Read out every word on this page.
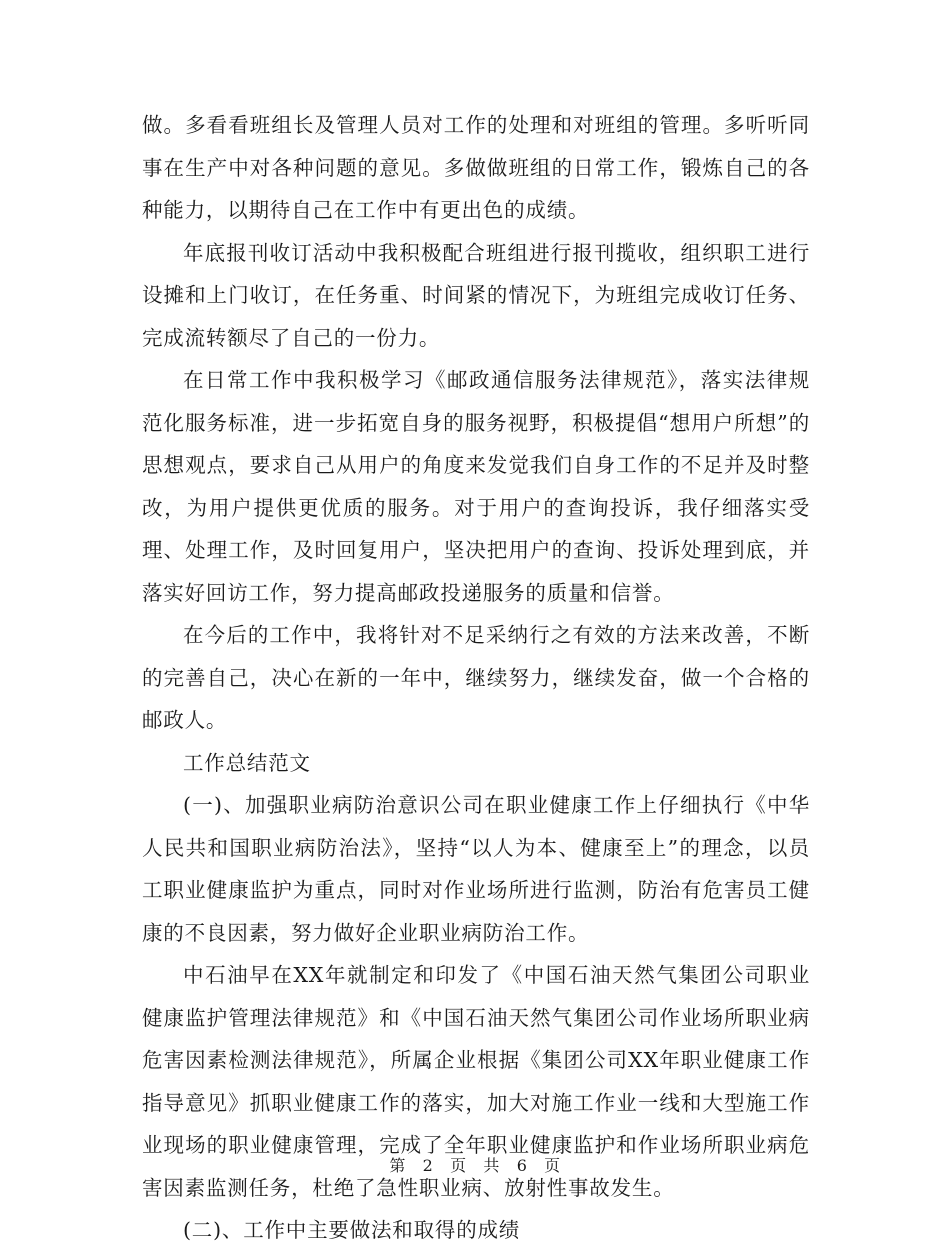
做。多看看班组长及管理人员对工作的处理和对班组的管理。多听听同事在生产中对各种问题的意见。多做做班组的日常工作，锻炼自己的各种能力，以期待自己在工作中有更出色的成绩。

年底报刊收订活动中我积极配合班组进行报刊揽收，组织职工进行设摊和上门收订，在任务重、时间紧的情况下，为班组完成收订任务、完成流转额尽了自己的一份力。

在日常工作中我积极学习《邮政通信服务法律规范》，落实法律规范化服务标准，进一步拓宽自身的服务视野，积极提倡“想用户所想”的思想观点，要求自己从用户的角度来发觉我们自身工作的不足并及时整改，为用户提供更优质的服务。对于用户的查询投诉，我仔细落实受理、处理工作，及时回复用户，坚决把用户的查询、投诉处理到底，并落实好回访工作，努力提高邮政投递服务的质量和信誉。

在今后的工作中，我将针对不足采纳行之有效的方法来改善，不断的完善自己，决心在新的一年中，继续努力，继续发奋，做一个合格的邮政人。

工作总结范文

(一)、加强职业病防治意识公司在职业健康工作上仔细执行《中华人民共和国职业病防治法》，坚持“以人为本、健康至上”的理念，以员工职业健康监护为重点，同时对作业场所进行监测，防治有危害员工健康的不良因素，努力做好企业职业病防治工作。

中石油早在XX年就制定和印发了《中国石油天然气集团公司职业健康监护管理法律规范》和《中国石油天然气集团公司作业场所职业病危害因素检测法律规范》，所属企业根据《集团公司XX年职业健康工作指导意见》抓职业健康工作的落实，加大对施工作业一线和大型施工作业现场的职业健康管理，完成了全年职业健康监护和作业场所职业病危害因素监测任务，杜绝了急性职业病、放射性事故发生。

(二)、工作中主要做法和取得的成绩

第 2 页 共 6 页
